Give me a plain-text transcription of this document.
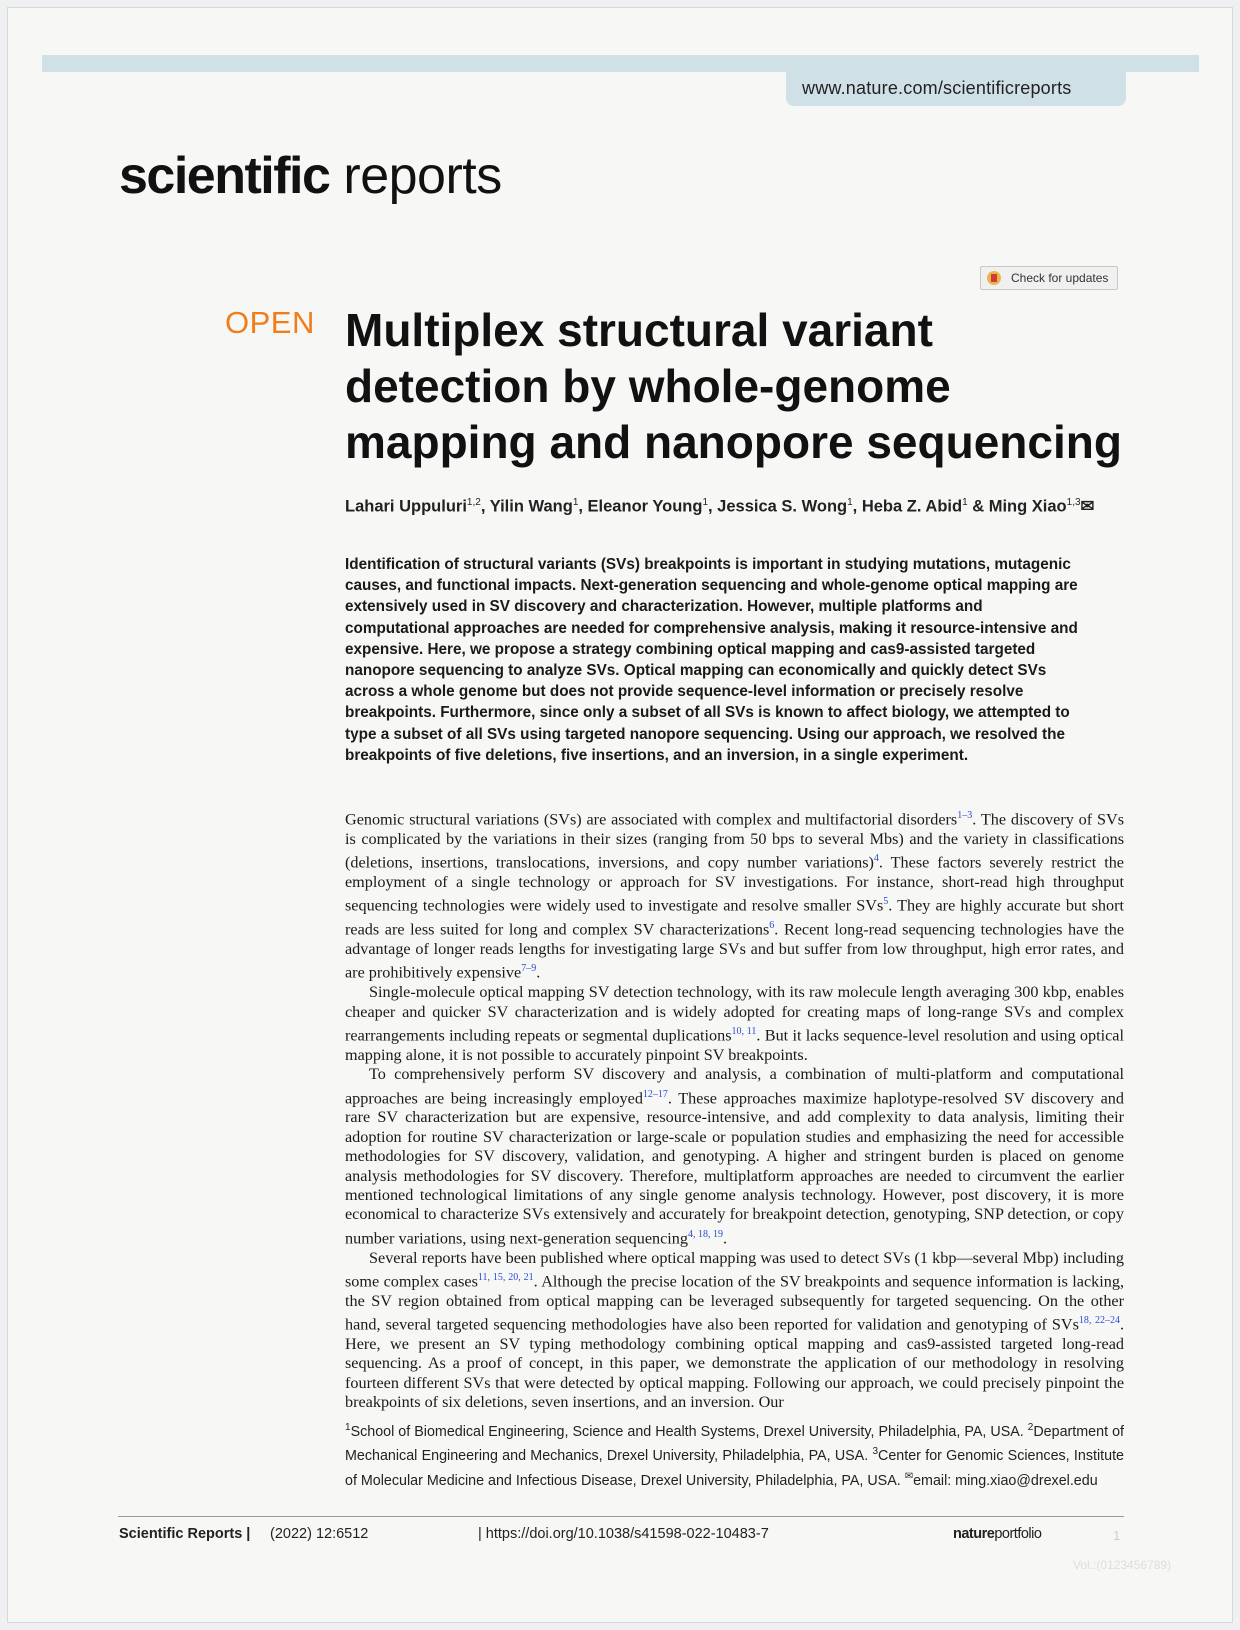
www.nature.com/scientificreports
scientific reports
Check for updates
OPEN Multiplex structural variant detection by whole-genome mapping and nanopore sequencing
Lahari Uppuluri$^{1,2}$, Yilin Wang$^1$, Eleanor Young$^1$, Jessica S. Wong$^1$, Heba Z. Abid$^1$ & Ming Xiao$^{1,3}$✉
Identification of structural variants (SVs) breakpoints is important in studying mutations, mutagenic causes, and functional impacts. Next-generation sequencing and whole-genome optical mapping are extensively used in SV discovery and characterization. However, multiple platforms and computational approaches are needed for comprehensive analysis, making it resource-intensive and expensive. Here, we propose a strategy combining optical mapping and cas9-assisted targeted nanopore sequencing to analyze SVs. Optical mapping can economically and quickly detect SVs across a whole genome but does not provide sequence-level information or precisely resolve breakpoints. Furthermore, since only a subset of all SVs is known to affect biology, we attempted to type a subset of all SVs using targeted nanopore sequencing. Using our approach, we resolved the breakpoints of five deletions, five insertions, and an inversion, in a single experiment.

Genomic structural variations (SVs) are associated with complex and multifactorial disorders$^{1-3}$. The discovery of SVs is complicated by the variations in their sizes (ranging from 50 bps to several Mbs) and the variety in classifications (deletions, insertions, translocations, inversions, and copy number variations)$^4$. These factors severely restrict the employment of a single technology or approach for SV investigations. For instance, short-read high throughput sequencing technologies were widely used to investigate and resolve smaller SVs$^5$. They are highly accurate but short reads are less suited for long and complex SV characterizations$^6$. Recent long-read sequencing technologies have the advantage of longer reads lengths for investigating large SVs and but suffer from low throughput, high error rates, and are prohibitively expensive$^{7-9}$.

Single-molecule optical mapping SV detection technology, with its raw molecule length averaging 300 kbp, enables cheaper and quicker SV characterization and is widely adopted for creating maps of long-range SVs and complex rearrangements including repeats or segmental duplications$^{10, 11}$. But it lacks sequence-level resolution and using optical mapping alone, it is not possible to accurately pinpoint SV breakpoints.

To comprehensively perform SV discovery and analysis, a combination of multi-platform and computational approaches are being increasingly employed$^{12-17}$. These approaches maximize haplotype-resolved SV discovery and rare SV characterization but are expensive, resource-intensive, and add complexity to data analysis, limiting their adoption for routine SV characterization or large-scale or population studies and emphasizing the need for accessible methodologies for SV discovery, validation, and genotyping. A higher and stringent burden is placed on genome analysis methodologies for SV discovery. Therefore, multiplatform approaches are needed to circumvent the earlier mentioned technological limitations of any single genome analysis technology. However, post discovery, it is more economical to characterize SVs extensively and accurately for breakpoint detection, genotyping, SNP detection, or copy number variations, using next-generation sequencing$^{4, 18, 19}$.

Several reports have been published where optical mapping was used to detect SVs (1 kbp—several Mbp) including some complex cases$^{11, 15, 20, 21}$. Although the precise location of the SV breakpoints and sequence information is lacking, the SV region obtained from optical mapping can be leveraged subsequently for targeted sequencing. On the other hand, several targeted sequencing methodologies have also been reported for validation and genotyping of SVs$^{18, 22-24}$. Here, we present an SV typing methodology combining optical mapping and cas9-assisted targeted long-read sequencing. As a proof of concept, in this paper, we demonstrate the application of our methodology in resolving fourteen different SVs that were detected by optical mapping. Following our approach, we could precisely pinpoint the breakpoints of six deletions, seven insertions, and an inversion. Our

$^1$School of Biomedical Engineering, Science and Health Systems, Drexel University, Philadelphia, PA, USA. $^2$Department of Mechanical Engineering and Mechanics, Drexel University, Philadelphia, PA, USA. $^3$Center for Genomic Sciences, Institute of Molecular Medicine and Infectious Disease, Drexel University, Philadelphia, PA, USA. ✉email: ming.xiao@drexel.edu
Scientific Reports | (2022) 12:6512	| https://doi.org/10.1038/s41598-022-10483-7	natureportfolio	1
Vol.:(0123456789)
